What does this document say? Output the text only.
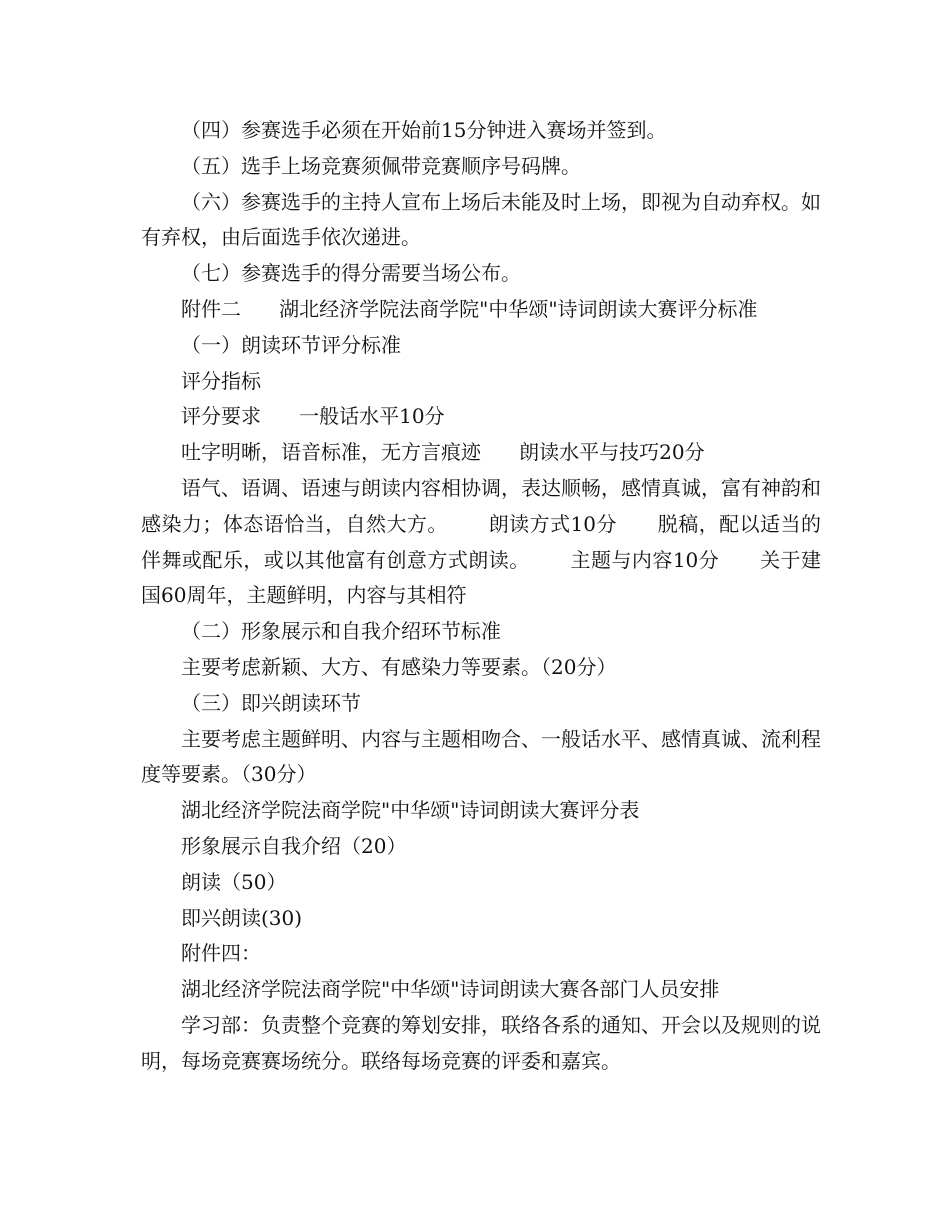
（四）参赛选手必须在开始前15分钟进入赛场并签到。

（五）选手上场竞赛须佩带竞赛顺序号码牌。

（六）参赛选手的主持人宣布上场后未能及时上场，即视为自动弃权。如有弃权，由后面选手依次递进。

（七）参赛选手的得分需要当场公布。

附件二      湖北经济学院法商学院"中华颂"诗词朗读大赛评分标准

（一）朗读环节评分标准

评分指标

评分要求      一般话水平10分

吐字明晰，语音标准，无方言痕迹      朗读水平与技巧20分

语气、语调、语速与朗读内容相协调，表达顺畅，感情真诚，富有神韵和感染力；体态语恰当，自然大方。      朗读方式10分      脱稿，配以适当的伴舞或配乐，或以其他富有创意方式朗读。      主题与内容10分      关于建国60周年，主题鲜明，内容与其相符

（二）形象展示和自我介绍环节标准

主要考虑新颖、大方、有感染力等要素。（20分）

（三）即兴朗读环节

主要考虑主题鲜明、内容与主题相吻合、一般话水平、感情真诚、流利程度等要素。（30分）

湖北经济学院法商学院"中华颂"诗词朗读大赛评分表

形象展示自我介绍（20）

朗读（50）

即兴朗读(30)

附件四：

湖北经济学院法商学院"中华颂"诗词朗读大赛各部门人员安排

学习部：负责整个竞赛的筹划安排，联络各系的通知、开会以及规则的说明，每场竞赛赛场统分。联络每场竞赛的评委和嘉宾。
